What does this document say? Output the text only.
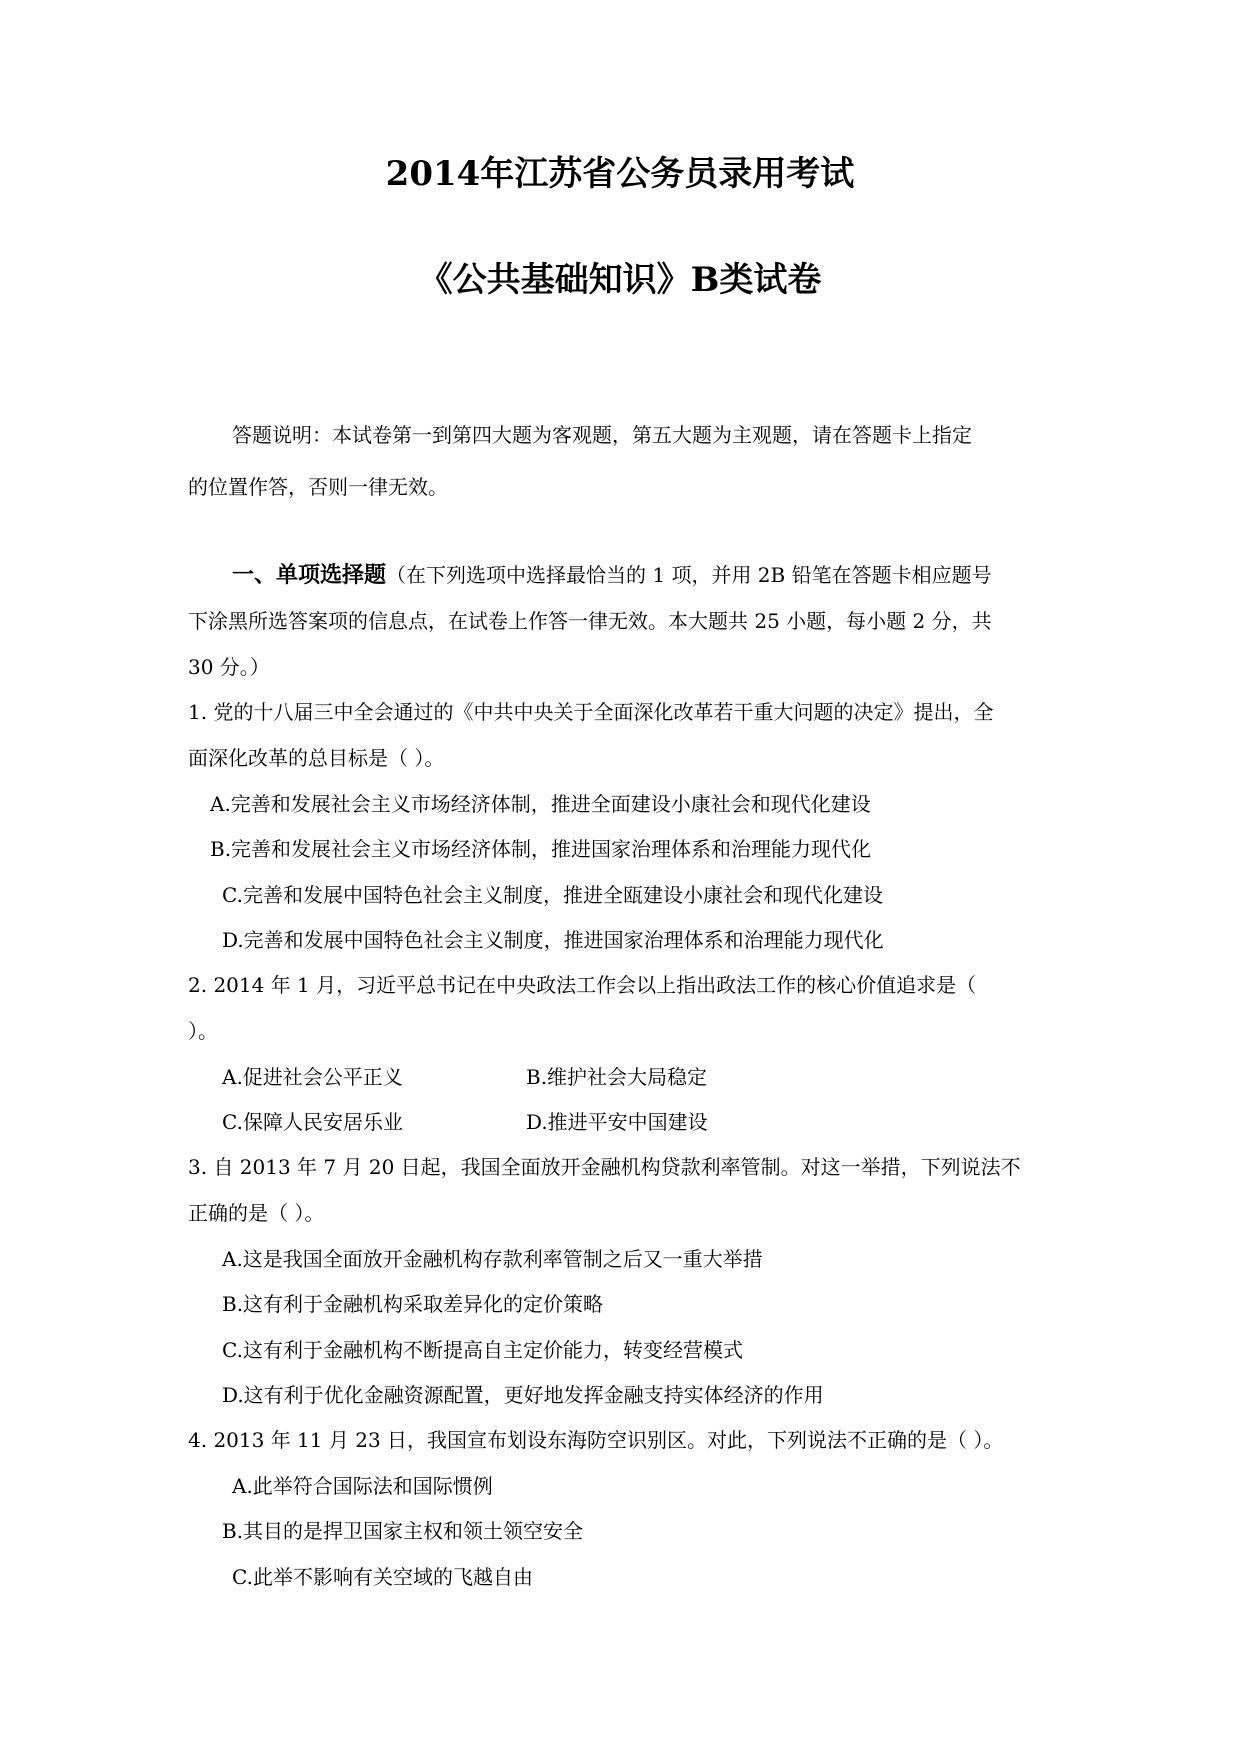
2014年江苏省公务员录用考试
《公共基础知识》B类试卷
答题说明：本试卷第一到第四大题为客观题，第五大题为主观题，请在答题卡上指定
的位置作答，否则一律无效。
一、单项选择题（在下列选项中选择最恰当的 1 项，并用 2B 铅笔在答题卡相应题号
下涂黑所选答案项的信息点，在试卷上作答一律无效。本大题共 25 小题，每小题 2 分，共
30 分。）
1. 党的十八届三中全会通过的《中共中央关于全面深化改革若干重大问题的决定》提出，全
面深化改革的总目标是（ ）。
A.完善和发展社会主义市场经济体制，推进全面建设小康社会和现代化建设
B.完善和发展社会主义市场经济体制，推进国家治理体系和治理能力现代化
C.完善和发展中国特色社会主义制度，推进全瓯建设小康社会和现代化建设
D.完善和发展中国特色社会主义制度，推进国家治理体系和治理能力现代化
2. 2014 年 1 月，习近平总书记在中央政法工作会以上指出政法工作的核心价值追求是（
）。
A.促进社会公平正义	B.维护社会大局稳定
C.保障人民安居乐业	D.推进平安中国建设
3. 自 2013 年 7 月 20 日起，我国全面放开金融机构贷款利率管制。对这一举措，下列说法不
正确的是（ ）。
A.这是我国全面放开金融机构存款利率管制之后又一重大举措
B.这有利于金融机构采取差异化的定价策略
C.这有利于金融机构不断提高自主定价能力，转变经营模式
D.这有利于优化金融资源配置，更好地发挥金融支持实体经济的作用
4. 2013 年 11 月 23 日，我国宣布划设东海防空识别区。对此，下列说法不正确的是（ ）。
A.此举符合国际法和国际惯例
B.其目的是捍卫国家主权和领土领空安全
C.此举不影响有关空域的飞越自由
